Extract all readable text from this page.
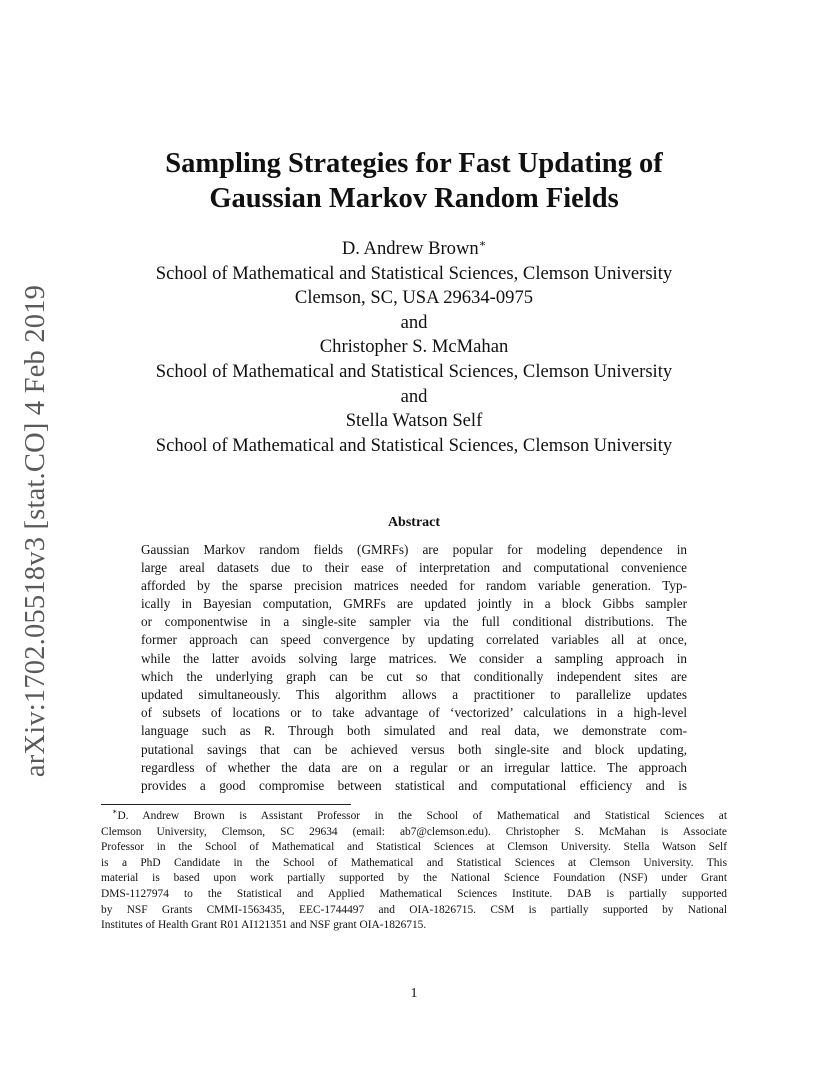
arXiv:1702.05518v3 [stat.CO] 4 Feb 2019
Sampling Strategies for Fast Updating of
Gaussian Markov Random Fields
D. Andrew Brown∗
School of Mathematical and Statistical Sciences, Clemson University
Clemson, SC, USA 29634-0975
and
Christopher S. McMahan
School of Mathematical and Statistical Sciences, Clemson University
and
Stella Watson Self
School of Mathematical and Statistical Sciences, Clemson University
Abstract
Gaussian Markov random fields (GMRFs) are popular for modeling dependence in
large areal datasets due to their ease of interpretation and computational convenience
afforded by the sparse precision matrices needed for random variable generation. Typ-
ically in Bayesian computation, GMRFs are updated jointly in a block Gibbs sampler
or componentwise in a single-site sampler via the full conditional distributions. The
former approach can speed convergence by updating correlated variables all at once,
while the latter avoids solving large matrices. We consider a sampling approach in
which the underlying graph can be cut so that conditionally independent sites are
updated simultaneously. This algorithm allows a practitioner to parallelize updates
of subsets of locations or to take advantage of ‘vectorized’ calculations in a high-level
language such as R. Through both simulated and real data, we demonstrate com-
putational savings that can be achieved versus both single-site and block updating,
regardless of whether the data are on a regular or an irregular lattice. The approach
provides a good compromise between statistical and computational efficiency and is
∗D. Andrew Brown is Assistant Professor in the School of Mathematical and Statistical Sciences at
Clemson University, Clemson, SC 29634 (email: ab7@clemson.edu). Christopher S. McMahan is Associate
Professor in the School of Mathematical and Statistical Sciences at Clemson University. Stella Watson Self
is a PhD Candidate in the School of Mathematical and Statistical Sciences at Clemson University. This
material is based upon work partially supported by the National Science Foundation (NSF) under Grant
DMS-1127974 to the Statistical and Applied Mathematical Sciences Institute. DAB is partially supported
by NSF Grants CMMI-1563435, EEC-1744497 and OIA-1826715. CSM is partially supported by National
Institutes of Health Grant R01 AI121351 and NSF grant OIA-1826715.
1
